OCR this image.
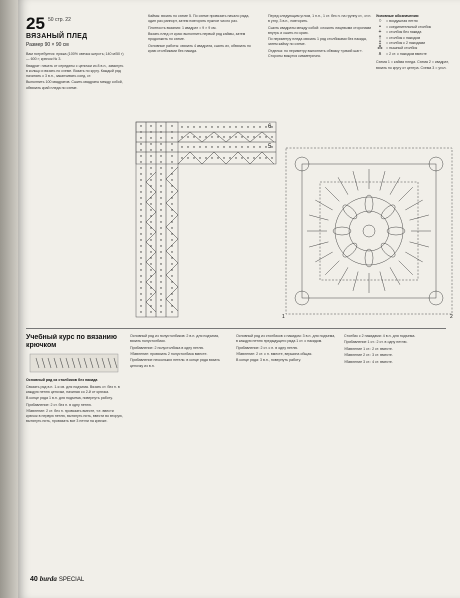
25 50 стр. 22
ВЯЗАНЫЙ ПЛЕД
Размер 90 × 90 см

Вам потребуется: пряжа (100% овечья шерсть; 140 м/50 г) — 600 г; крючок № 3.

Квадрат: начать от середины с цепочки из 8 в.п., замкнуть в кольцо и вязать по схеме. Вязать по кругу. Каждый ряд начинать с 3 в.п., заканчивать соед. ст.

Выполнить 100 квадратов. Сшить квадраты между собой, обвязать край пледа по схеме.

Каймы: вязать по схеме 5. По схеме провязать начало ряда, один раз раппорт, затем повторять нужное число раз.

Плотность вязания: 1 квадрат = 9 × 9 см.

Вязать плед от края: выполнить первый ряд каймы, затем продолжить по схеме.

Основные работы: связать 4 квадрата, сшить их, обвязать по краю столбиками без накида.

Перед следующим углом, 1 п.п., 1 ст. без н. на группу ст., ст.н. в углу, 3 в.п., повторить.

Сшить квадраты между собой: сложить лицевыми сторонами внутрь и сшить по краю.

По периметру пледа связать 1 ряд столбиками без накида, затем кайму по схеме.

Отделка: по периметру выполнить обвязку «рачий шаг». Стороны вяжутся симметрично.

Условные обозначения:
○	= воздушная петля
•	= соединительный столбик
+	= столбик без накида
†	= столбик с накидом
‡	= столбик с 2 накидами
⁂ = пышный столбик
∧	= 2 ст. с накидом вместе
Схема 1 = кайма пледа. Схема 2 = квадрат, вязать по кругу от центра. Схема 3 = угол.
6
5
1	2
Учебный курс по вязанию крючком

Основный ряд из столбиков без накида

Связать ряд в.п. 1-я св. для подъема. Вязать ст. без н. в каждую петлю цепочки, начиная со 2-й от крючка.

В конце ряда 1 в.п. для подъема, повернуть работу.

Прибавление: 2 ст. без н. в одну петлю.

Убавление: 2 ст. без н. провязать вместе, т.е. ввести крючок в первую петлю, вытянуть нить, ввести во вторую, вытянуть нить, провязать все 3 петли на крючке.

Основный ряд из полустолбиков: 2 в.п. для подъема, вязать полустолбики.

Прибавление: 2 полустолбика в одну петлю.

Убавление: провязать 2 полустолбика вместе.

Прибавление нескольких петель: в конце ряда вязать цепочку из в.п.

Основный ряд из столбиков с накидом: 3 в.п. для подъема, в каждую петлю предыдущего ряда 1 ст. с накидом.

Прибавление: 2 ст. с н. в одну петлю.

Убавление: 2 ст. с н. вместе, вершина общая.

В конце ряда: 3 в.п., повернуть работу.

Столбик с 2 накидами: 4 в.п. для подъема.

Прибавление 1 ст.: 2 ст. в одну петлю.

Убавление 1 ст.: 2 ст. вместе.

Убавление 2 ст.: 3 ст. вместе.

Убавление 3 ст.: 4 ст. вместе.

40 burda SPECIAL
